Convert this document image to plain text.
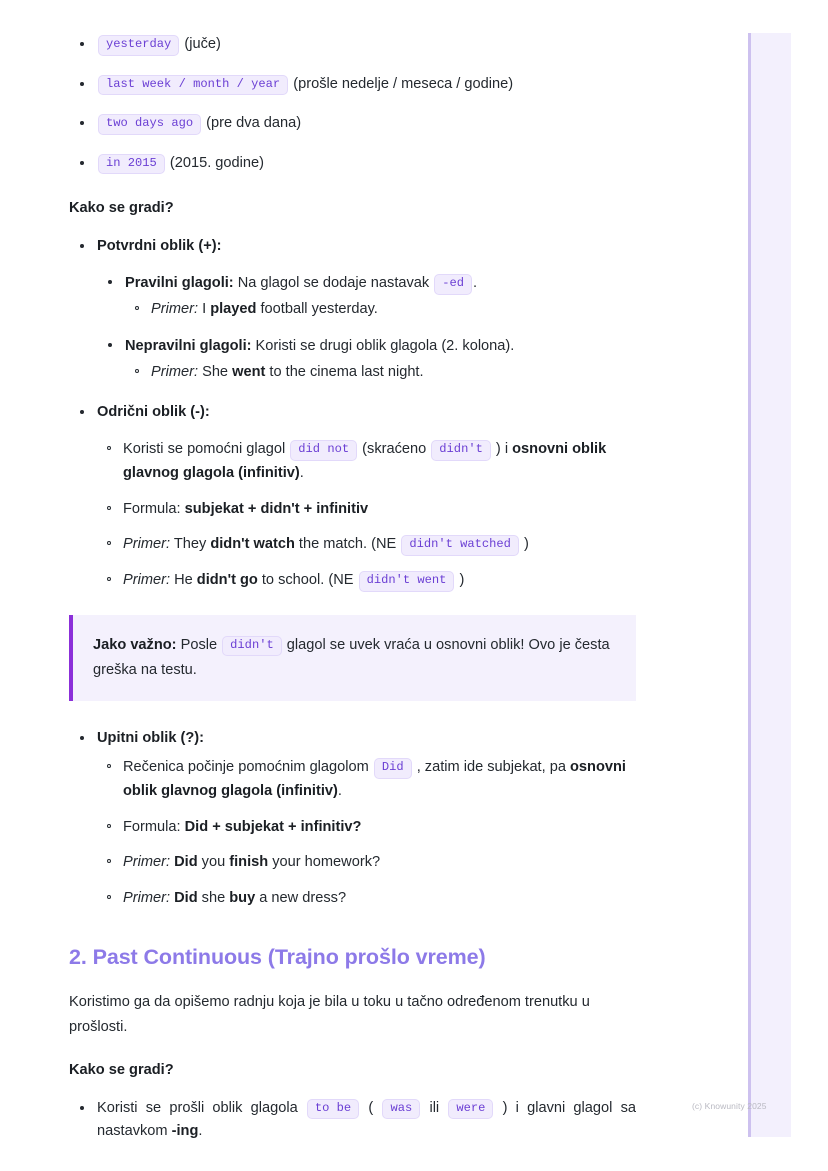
(c) Knowunity 2025
yesterday (juče)
last week / month / year (prošle nedelje / meseca / godine)
two days ago (pre dva dana)
in 2015 (2015. godine)
Kako se gradi?
Potvrdni oblik (+):
Pravilni glagoli: Na glagol se dodaje nastavak -ed .
Primer: I played football yesterday.
Nepravilni glagoli: Koristi se drugi oblik glagola (2. kolona).
Primer: She went to the cinema last night.
Odrični oblik (-):
Koristi se pomoćni glagol did not (skraćeno didn't ) i osnovni oblik glavnog glagola (infinitiv).
Formula: subjekat + didn't + infinitiv
Primer: They didn't watch the match. (NE didn't watched )
Primer: He didn't go to school. (NE didn't went )
Jako važno: Posle didn't glagol se uvek vraća u osnovni oblik! Ovo je česta greška na testu.
Upitni oblik (?):
Rečenica počinje pomoćnim glagolom Did , zatim ide subjekat, pa osnovni oblik glavnog glagola (infinitiv).
Formula: Did + subjekat + infinitiv?
Primer: Did you finish your homework?
Primer: Did she buy a new dress?
2. Past Continuous (Trajno prošlo vreme)
Koristimo ga da opišemo radnju koja je bila u toku u tačno određenom trenutku u prošlosti.
Kako se gradi?
Koristi se prošli oblik glagola to be ( was ili were ) i glavni glagol sa nastavkom -ing.
